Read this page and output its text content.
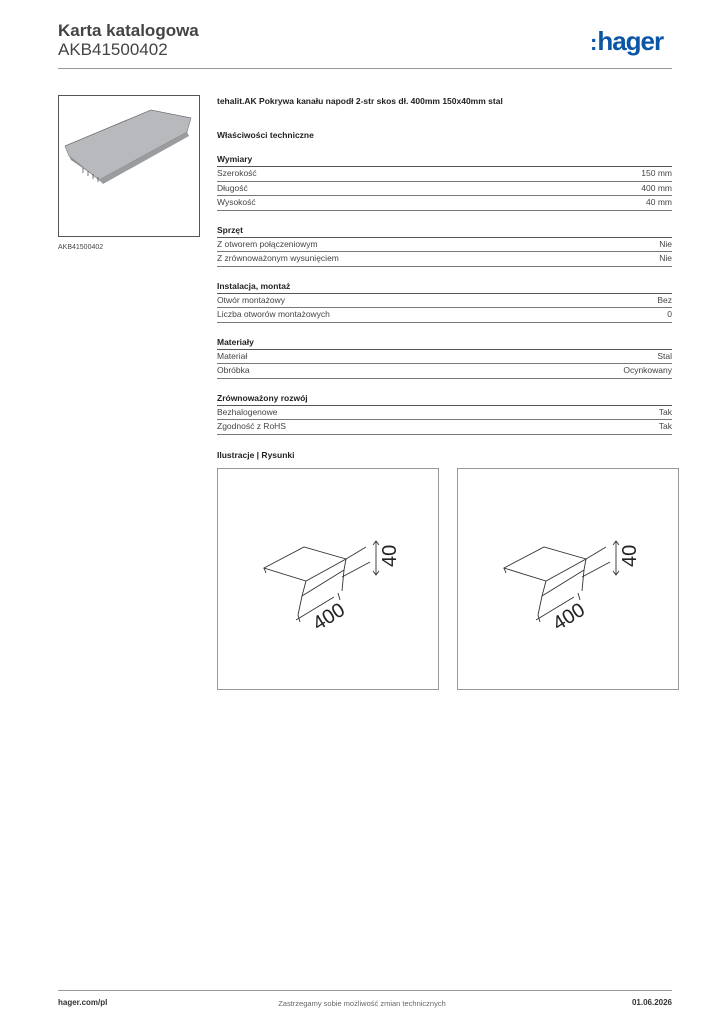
Karta katalogowa
AKB41500402	:hager
AKB41500402
tehalit.AK Pokrywa kanału napodł 2-str skos dł. 400mm 150x40mm stal
Właściwości techniczne
Wymiary
Szerokość	150 mm
Długość	400 mm
Wysokość	40 mm
Sprzęt
Z otworem połączeniowym	Nie
Z zrównoważonym wysunięciem	Nie
Instalacja, montaż
Otwór montażowy	Bez
Liczba otworów montażowych	0
Materiały
Materiał	Stal
Obróbka	Ocynkowany
Zrównoważony rozwój
Bezhalogenowe	Tak
Zgodność z RoHS	Tak
Ilustracje | Rysunki
40
400
40
400
hager.com/pl	Zastrzegamy sobie możliwość zmian technicznych	01.06.2026
